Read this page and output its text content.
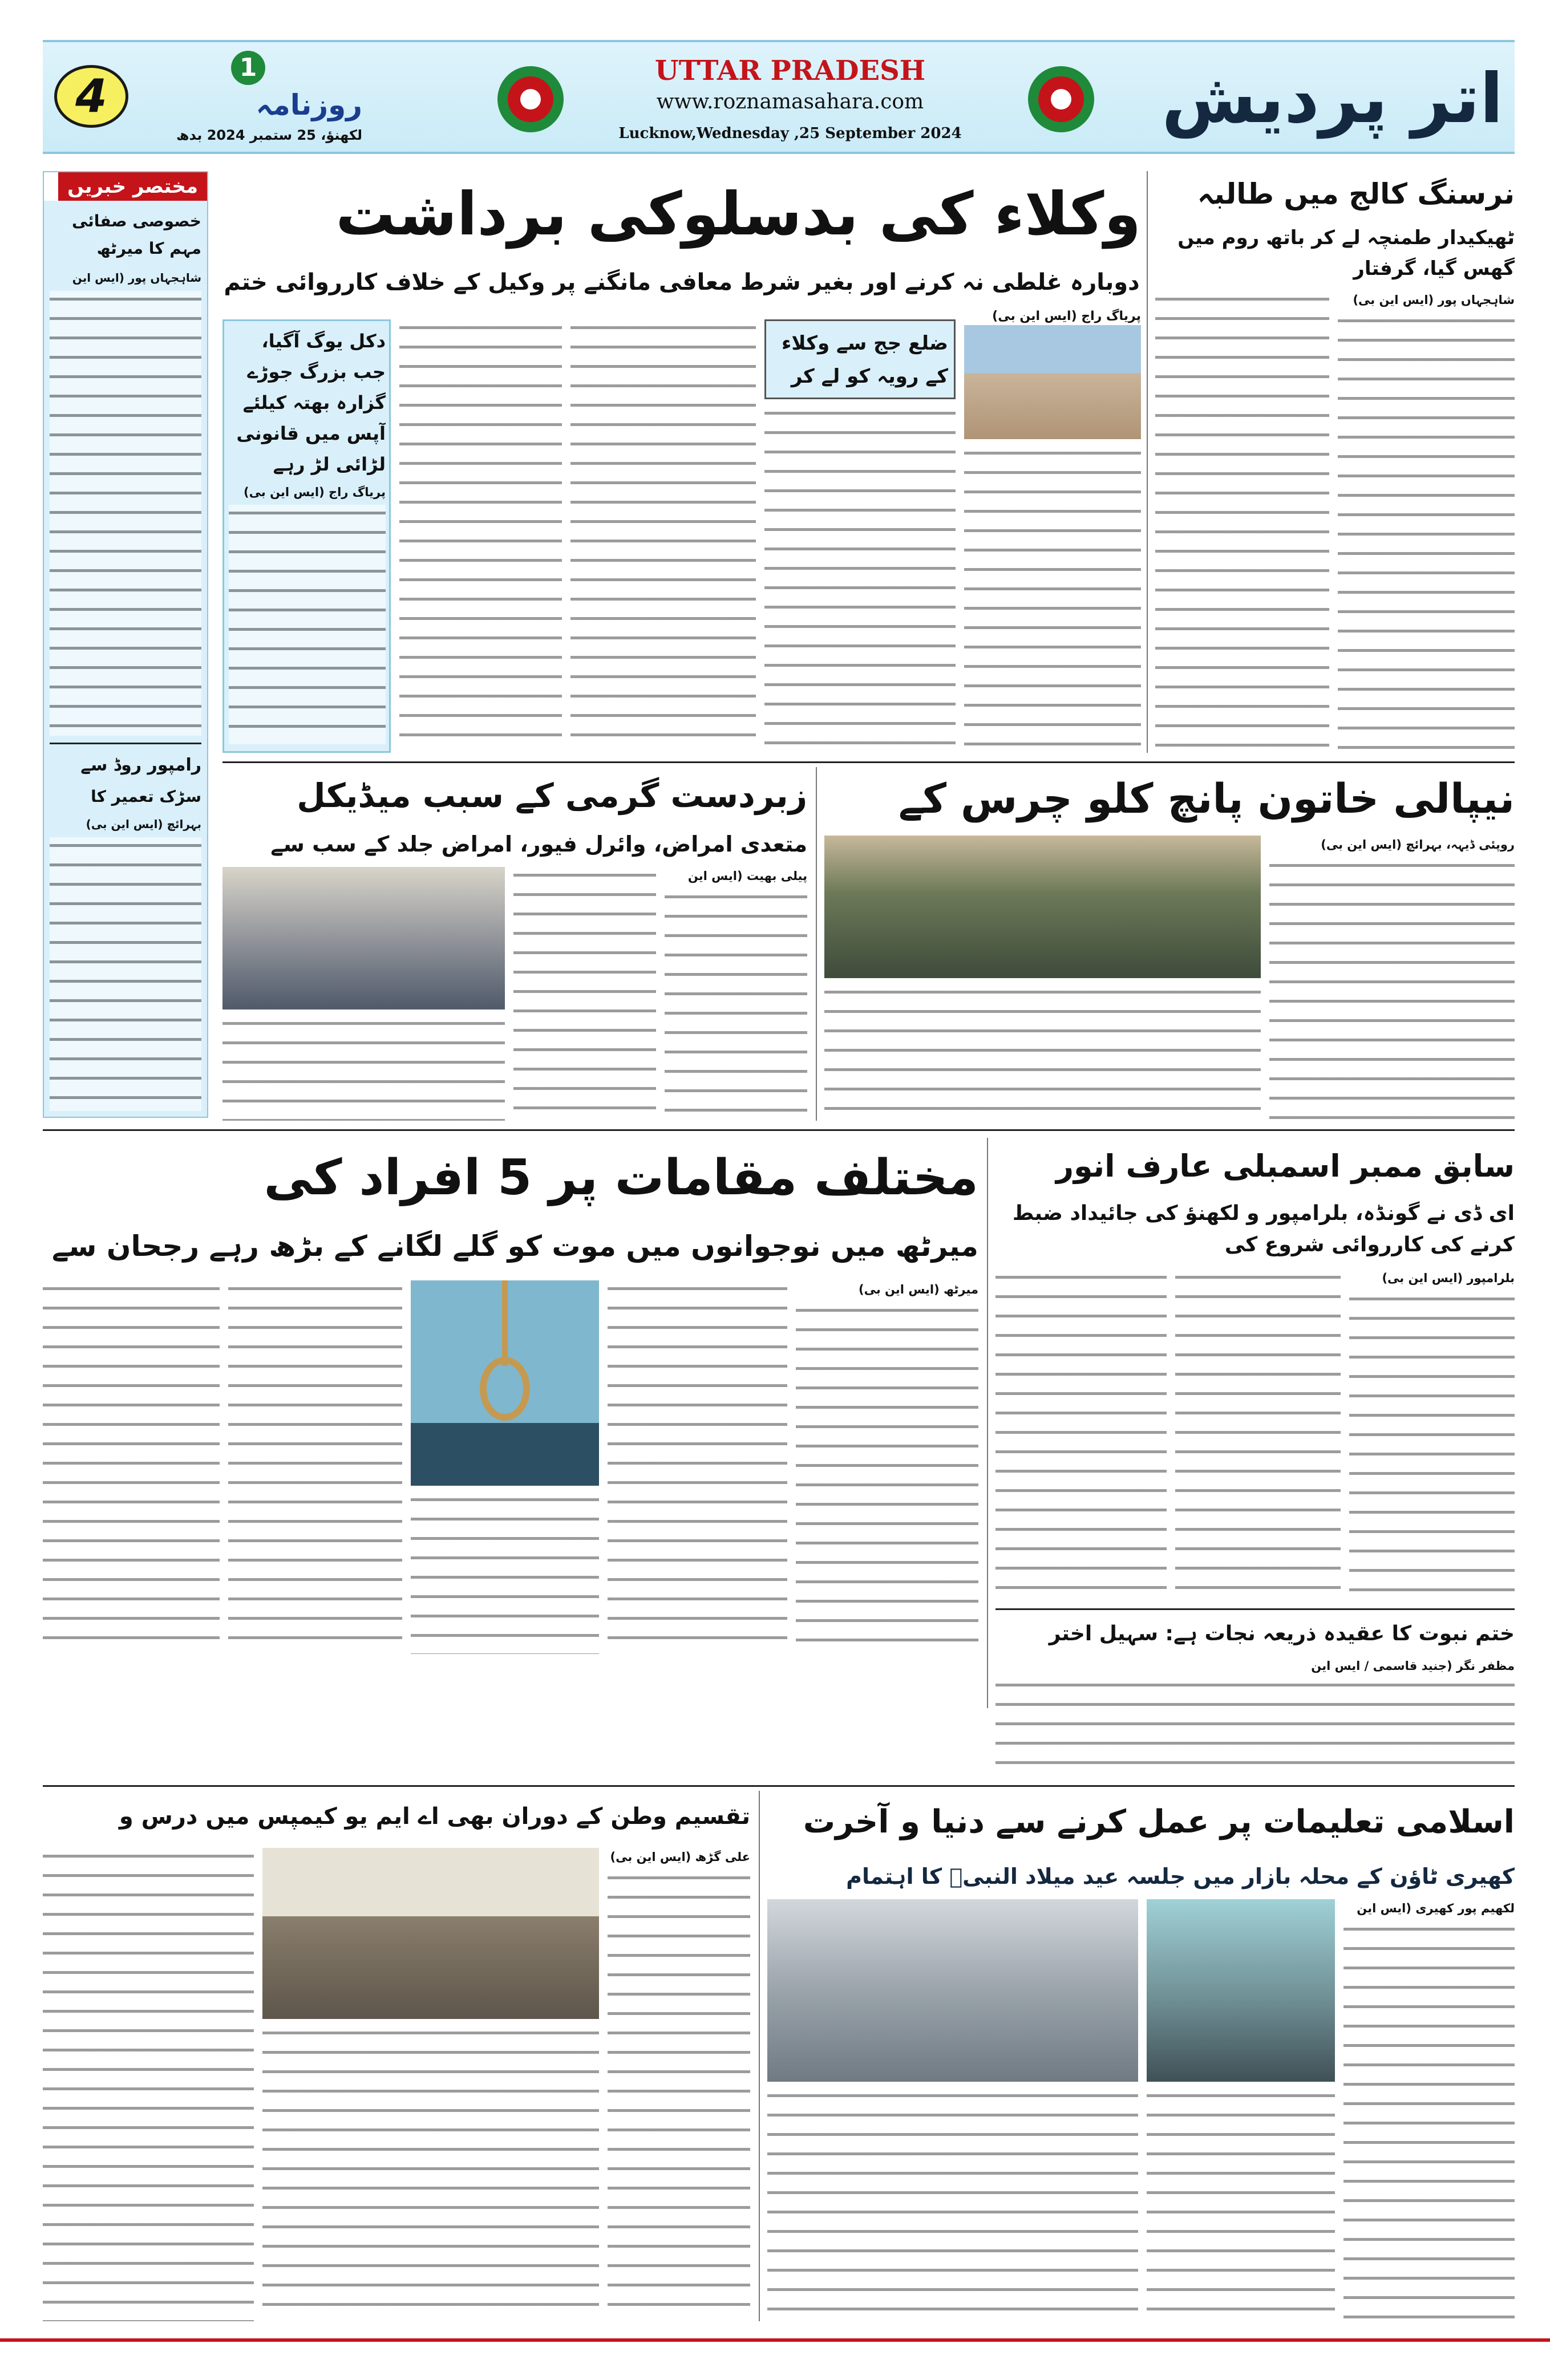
4
1
روزنامہ
لکھنؤ، 25 ستمبر 2024 بدھ
UTTAR PRADESH
www.roznamasahara.com
Lucknow,Wednesday ,25 September 2024	اتر پردیش
مختصر خبریں
خصوصی صفائی مہم کا میرٹھ
شاہجہاں پور (ایس این
رامپور روڈ سے
سڑک تعمیر کا
بہرائچ (ایس این بی)
وکلاء کی بدسلوکی برداشت
دوبارہ غلطی نہ کرنے اور بغیر شرط معافی مانگنے پر وکیل کے خلاف کارروائی ختم
پریاگ راج (ایس این بی)
ضلع جج سے وکلاء کے رویہ کو لے کر
دکل یوگ آگیا، جب بزرگ جوڑے گزارہ بھتہ کیلئے آپس میں قانونی لڑائی لڑ رہے
پریاگ راج (ایس این بی)
نرسنگ کالج میں طالبہ
ٹھیکیدار طمنچہ لے کر باتھ روم میں گھس گیا، گرفتار
شاہجہاں پور (ایس این بی)
نیپالی خاتون پانچ کلو چرس کے
روپئی ڈیہہ، بہرائچ (ایس این بی)
زبردست گرمی کے سبب میڈیکل
متعدی امراض، وائرل فیور، امراض جلد کے سب سے
پیلی بھیت (ایس این
مختلف مقامات پر 5 افراد کی
میرٹھ میں نوجوانوں میں موت کو گلے لگانے کے بڑھ رہے رجحان سے
میرٹھ (ایس این بی)
سابق ممبر اسمبلی عارف انور
ای ڈی نے گونڈہ، بلرامپور و لکھنؤ کی جائیداد ضبط کرنے کی کارروائی شروع کی
بلرامپور (ایس این بی)
ختم نبوت کا عقیدہ ذریعہ نجات ہے: سہیل اختر
مظفر نگر (جنید قاسمی / ایس این
تقسیم وطن کے دوران بھی اے ایم یو کیمپس میں درس و
علی گڑھ (ایس این بی)
اسلامی تعلیمات پر عمل کرنے سے دنیا و آخرت
کھیری ٹاؤن کے محلہ بازار میں جلسہ عید میلاد النبیؐ کا اہتمام
لکھیم پور کھیری (ایس این
